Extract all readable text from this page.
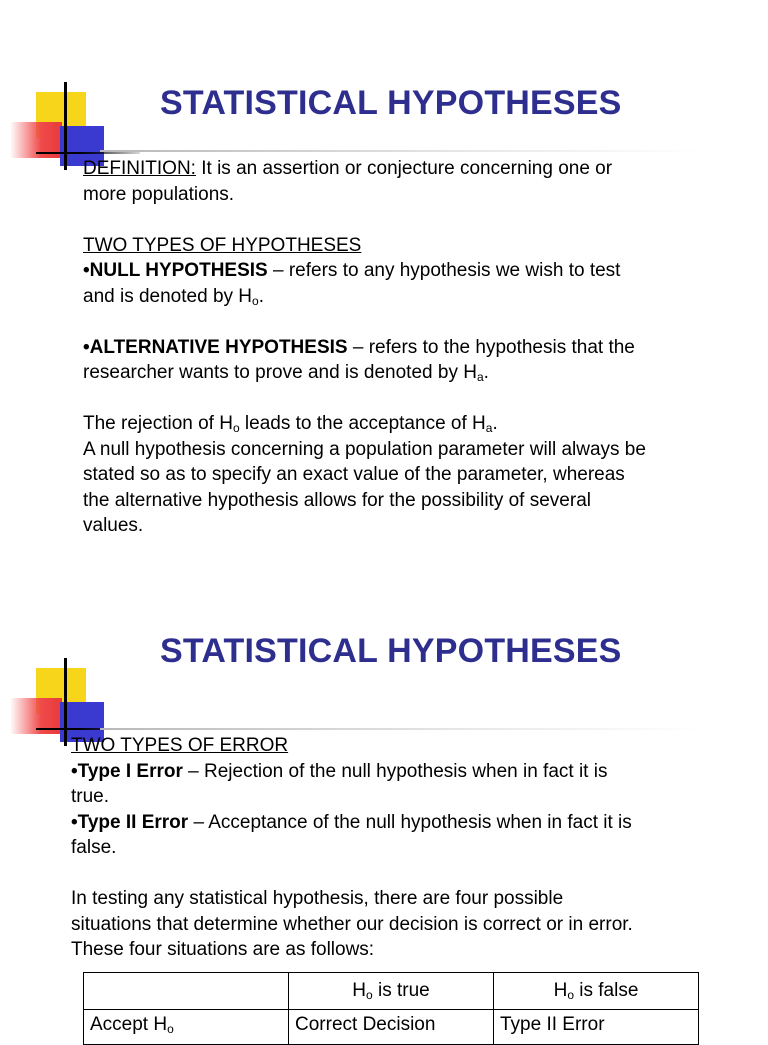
STATISTICAL HYPOTHESES

DEFINITION: It is an assertion or conjecture concerning one or

more populations.

TWO TYPES OF HYPOTHESES

•NULL HYPOTHESIS – refers to any hypothesis we wish to test

and is denoted by $H_o$.

•ALTERNATIVE HYPOTHESIS – refers to the hypothesis that the

researcher wants to prove and is denoted by $H_a$.

The rejection of $H_o$ leads to the acceptance of $H_a$.

A null hypothesis concerning a population parameter will always be

stated so as to specify an exact value of the parameter, whereas

the alternative hypothesis allows for the possibility of several

values.

STATISTICAL HYPOTHESES

TWO TYPES OF ERROR

•Type I Error – Rejection of the null hypothesis when in fact it is

true.

•Type II Error – Acceptance of the null hypothesis when in fact it is

false.

In testing any statistical hypothesis, there are four possible

situations that determine whether our decision is correct or in error.

These four situations are as follows:

	$H_o$ is true	$H_o$ is false
Accept $H_o$	Correct Decision	Type II Error
